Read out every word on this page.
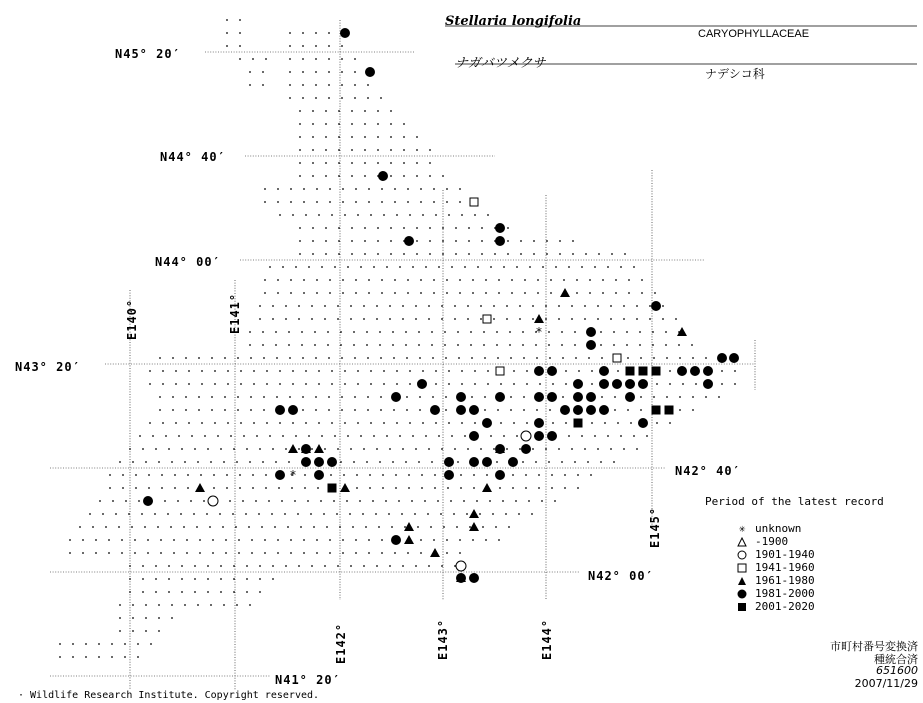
*
*
Stellaria longifolia
CARYOPHYLLACEAE
ナガバツメクサ
ナデシコ科
N45° 20′
N44° 40′
N44° 00′
N43° 20′
N42° 40′
N42° 00′
N41° 20′
E140°	E141°
E142°	E143°	E144°
E145°
Period of the latest record
✳ unknown
-1900
1901-1940
1941-1960
1961-1980
1981-2000
2001-2020
市町村番号変換済
種統合済
651600
2007/11/29
· Wildlife Research Institute. Copyright reserved.
